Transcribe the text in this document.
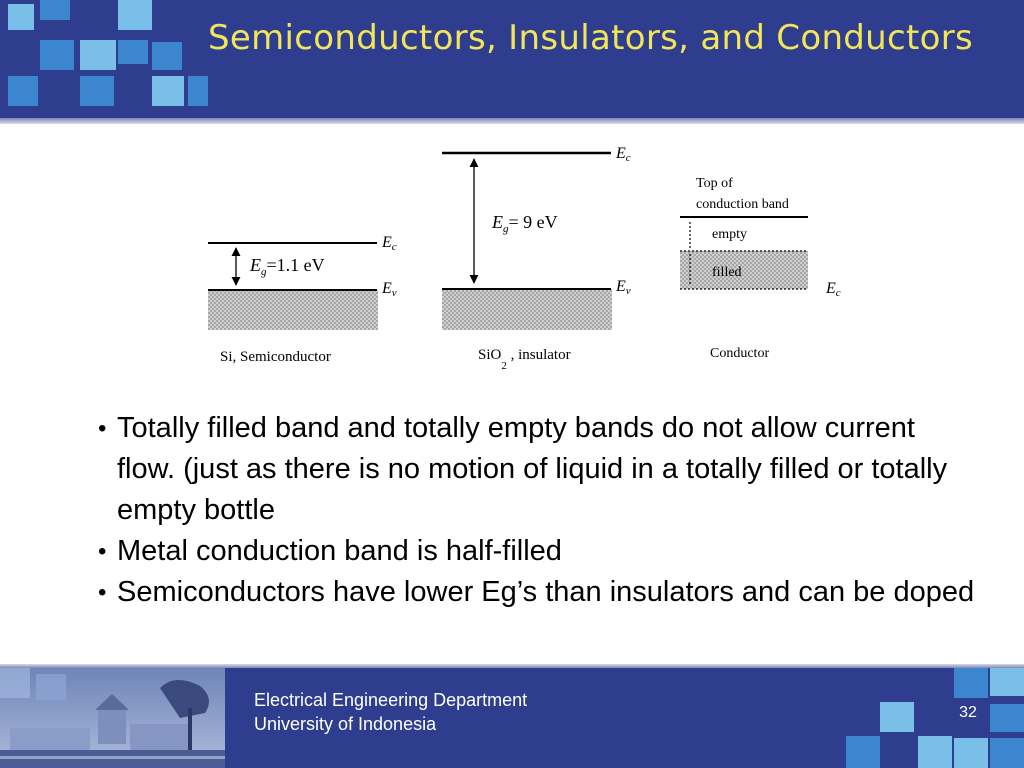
Semiconductors, Insulators, and Conductors
$E_g=1.1$ eV
Ec
Ev
Si, Semiconductor
$E_g= 9$ eV
Ec
Ev
SiO$_2$ , insulator
Top of
conduction band
empty
filled
Ec
Conductor
• Totally filled band and totally empty bands do not allow current flow. (just as there is no motion of liquid in a totally filled or totally empty bottle
• Metal conduction band is half-filled
• Semiconductors have lower Eg’s than insulators and can be doped
Electrical Engineering Department
University of Indonesia
32
